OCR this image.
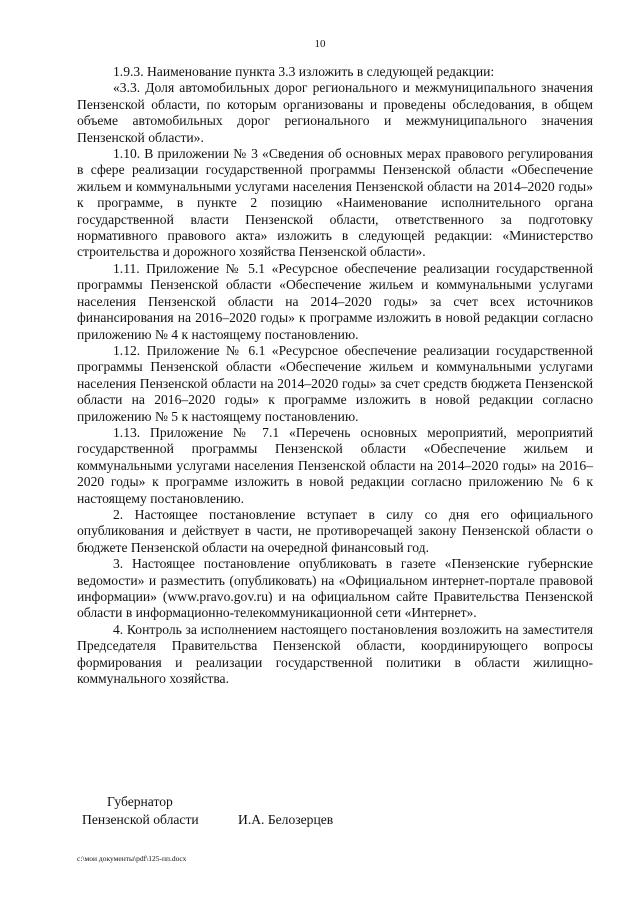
10

1.9.3. Наименование пункта 3.3 изложить в следующей редакции:

«3.3. Доля автомобильных дорог регионального и межмуниципального значения Пензенской области, по которым организованы и проведены обследования, в общем объеме автомобильных дорог регионального и межмуниципального значения Пензенской области».

1.10. В приложении № 3 «Сведения об основных мерах правового регулирования в сфере реализации государственной программы Пензенской области «Обеспечение жильем и коммунальными услугами населения Пензенской области на 2014–2020 годы» к программе, в пункте 2 позицию «Наименование исполнительного органа государственной власти Пензенской области, ответственного за подготовку нормативного правового акта» изложить в следующей редакции: «Министерство строительства и дорожного хозяйства Пензенской области».

1.11. Приложение № 5.1 «Ресурсное обеспечение реализации государственной программы Пензенской области «Обеспечение жильем и коммунальными услугами населения Пензенской области на 2014–2020 годы» за счет всех источников финансирования на 2016–2020 годы» к программе изложить в новой редакции согласно приложению № 4 к настоящему постановлению.

1.12. Приложение № 6.1 «Ресурсное обеспечение реализации государственной программы Пензенской области «Обеспечение жильем и коммунальными услугами населения Пензенской области на 2014–2020 годы» за счет средств бюджета Пензенской области на 2016–2020 годы» к программе изложить в новой редакции согласно приложению № 5 к настоящему постановлению.

1.13. Приложение № 7.1 «Перечень основных мероприятий, мероприятий государственной программы Пензенской области «Обеспечение жильем и коммунальными услугами населения Пензенской области на 2014–2020 годы» на 2016–2020 годы» к программе изложить в новой редакции согласно приложению № 6 к настоящему постановлению.

2. Настоящее постановление вступает в силу со дня его официального опубликования и действует в части, не противоречащей закону Пензенской области о бюджете Пензенской области на очередной финансовый год.

3. Настоящее постановление опубликовать в газете «Пензенские губернские ведомости» и разместить (опубликовать) на «Официальном интернет-портале правовой информации» (www.pravo.gov.ru) и на официальном сайте Правительства Пензенской области в информационно-телекоммуникационной сети «Интернет».

4. Контроль за исполнением настоящего постановления возложить на заместителя Председателя Правительства Пензенской области, координирующего вопросы формирования и реализации государственной политики в области жилищно-коммунального хозяйства.

Губернатор
Пензенской области	И.А. Белозерцев
c:\мои документы\pdf\125-пп.docx
